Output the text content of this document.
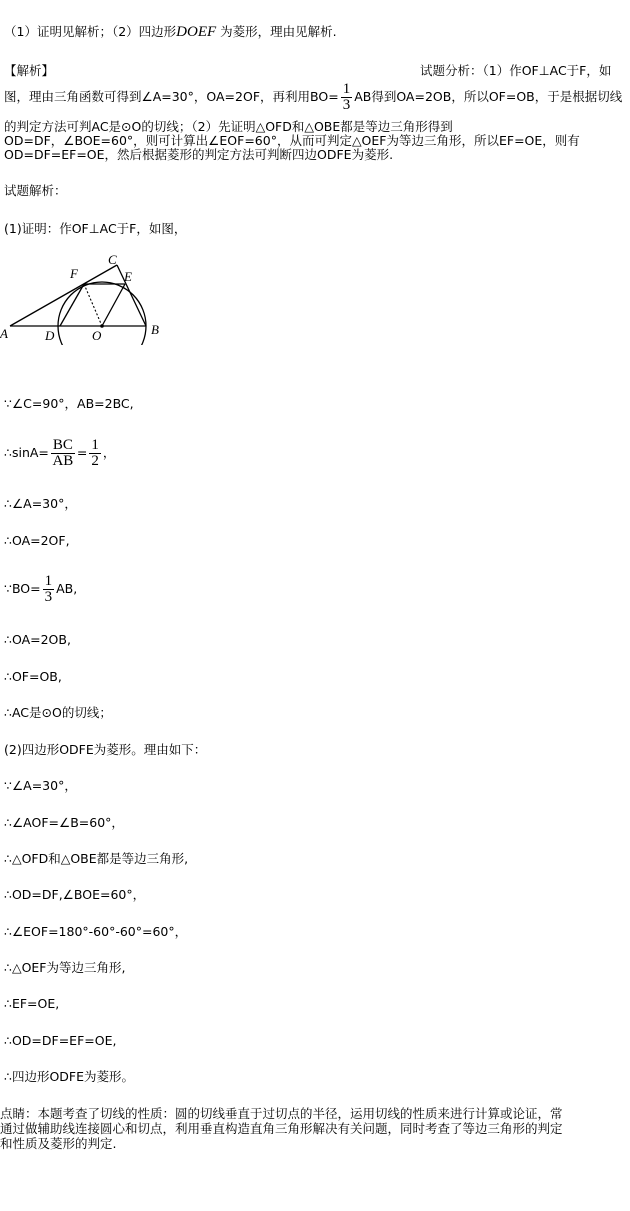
（1）证明见解析；（2）四边形DOEF 为菱形，理由见解析.
【解析】	试题分析：（1）作OF⊥AC于F，如
图，理由三角函数可得到∠A=30°，OA=2OF，再利用$BO= \frac{1}{3}$ AB得到OA=2OB，所以OF=OB，于是根据切线
的判定方法可判AC是⊙O的切线；（2）先证明△OFD和△OBE都是等边三角形得到
OD=DF，∠BOE=60°，则可计算出∠EOF=60°，从而可判定△OEF为等边三角形，所以EF=OE，则有
OD=DF=EF=OE，然后根据菱形的判定方法可判断四边ODFE为菱形.
试题解析：
(1)证明：作OF⊥AC于F，如图，
A	B
C
D
E
F
O
∵∠C=90°，AB=2BC,
∴sinA= $\frac{BC}{AB} = \frac{1}{2}$ ，
∴∠A=30°，
∴OA=2OF,
∵BO= $\frac{1}{3}$ AB,
∴OA=2OB,
∴OF=OB,
∴AC是⊙O的切线；
(2)四边形ODFE为菱形。理由如下：
∵∠A=30°，
∴∠AOF=∠B=60°，
∴△OFD和△OBE都是等边三角形,
∴OD=DF,∠BOE=60°，
∴∠EOF=180°-60°-60°=60°，
∴△OEF为等边三角形,
∴EF=OE,
∴OD=DF=EF=OE,
∴四边形ODFE为菱形。
点睛：本题考查了切线的性质：圆的切线垂直于过切点的半径，运用切线的性质来进行计算或论证，常
通过做辅助线连接圆心和切点，利用垂直构造直角三角形解决有关问题，同时考查了等边三角形的判定
和性质及菱形的判定.
